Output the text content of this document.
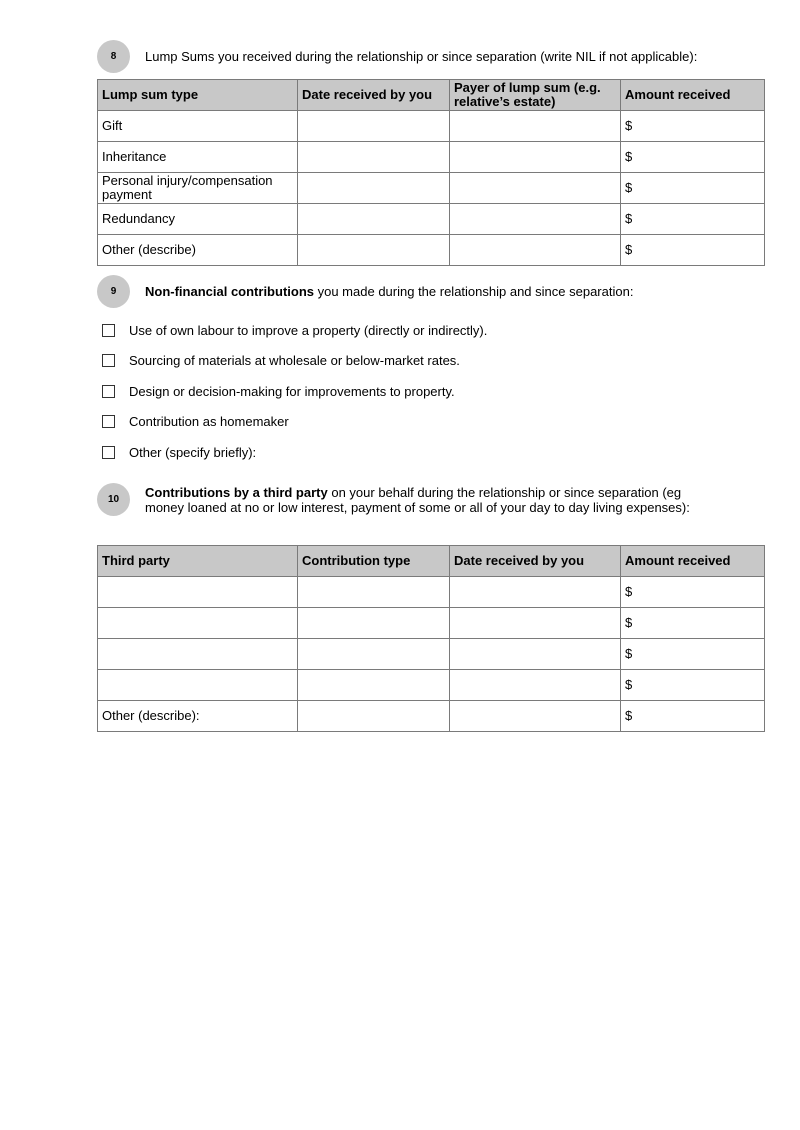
8	Lump Sums you received during the relationship or since separation (write NIL if not applicable):
Lump sum type	Date received by you	Payer of lump sum (e.g. relative’s estate)	Amount received
Gift			$
Inheritance			$
Personal injury/compensation payment			$
Redundancy			$
Other (describe)			$
9	Non-financial contributions you made during the relationship and since separation:
Use of own labour to improve a property (directly or indirectly).
Sourcing of materials at wholesale or below-market rates.
Design or decision-making for improvements to property.
Contribution as homemaker
Other (specify briefly):
10	Contributions by a third party on your behalf during the relationship or since separation (eg money loaned at no or low interest, payment of some or all of your day to day living expenses):
Third party	Contribution type	Date received by you	Amount received
			$
			$
			$
			$
Other (describe):			$
